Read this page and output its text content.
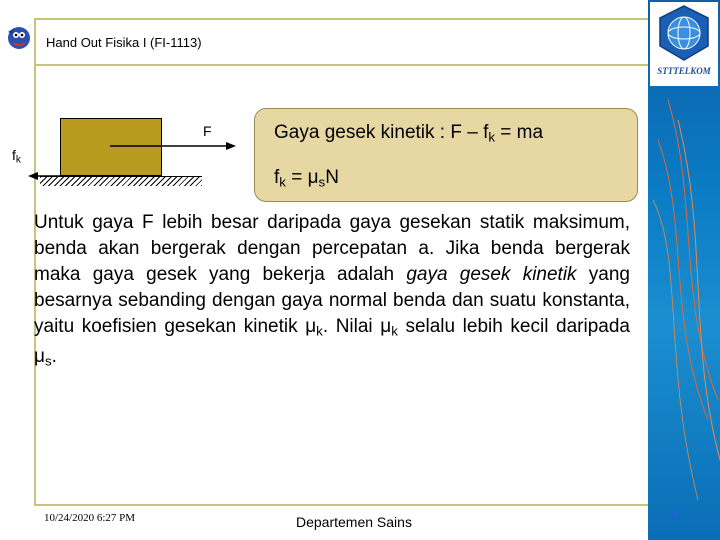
Hand Out Fisika I (FI-1113)
STTTELKOM
F
$f_k$
Gaya gesek kinetik : F – $f_k$ = ma
$f_k = \mu_sN$
Untuk gaya F lebih besar daripada gaya gesekan statik maksimum, benda akan bergerak dengan percepatan a. Jika benda bergerak maka gaya gesek yang bekerja adalah gaya gesek kinetik yang besarnya sebanding dengan gaya normal benda dan suatu konstanta, yaitu koefisien gesekan kinetik $\mu_k$. Nilai $\mu_k$ selalu lebih kecil daripada $\mu_s$.
10/24/2020 6:27 PM	Departemen Sains	3
